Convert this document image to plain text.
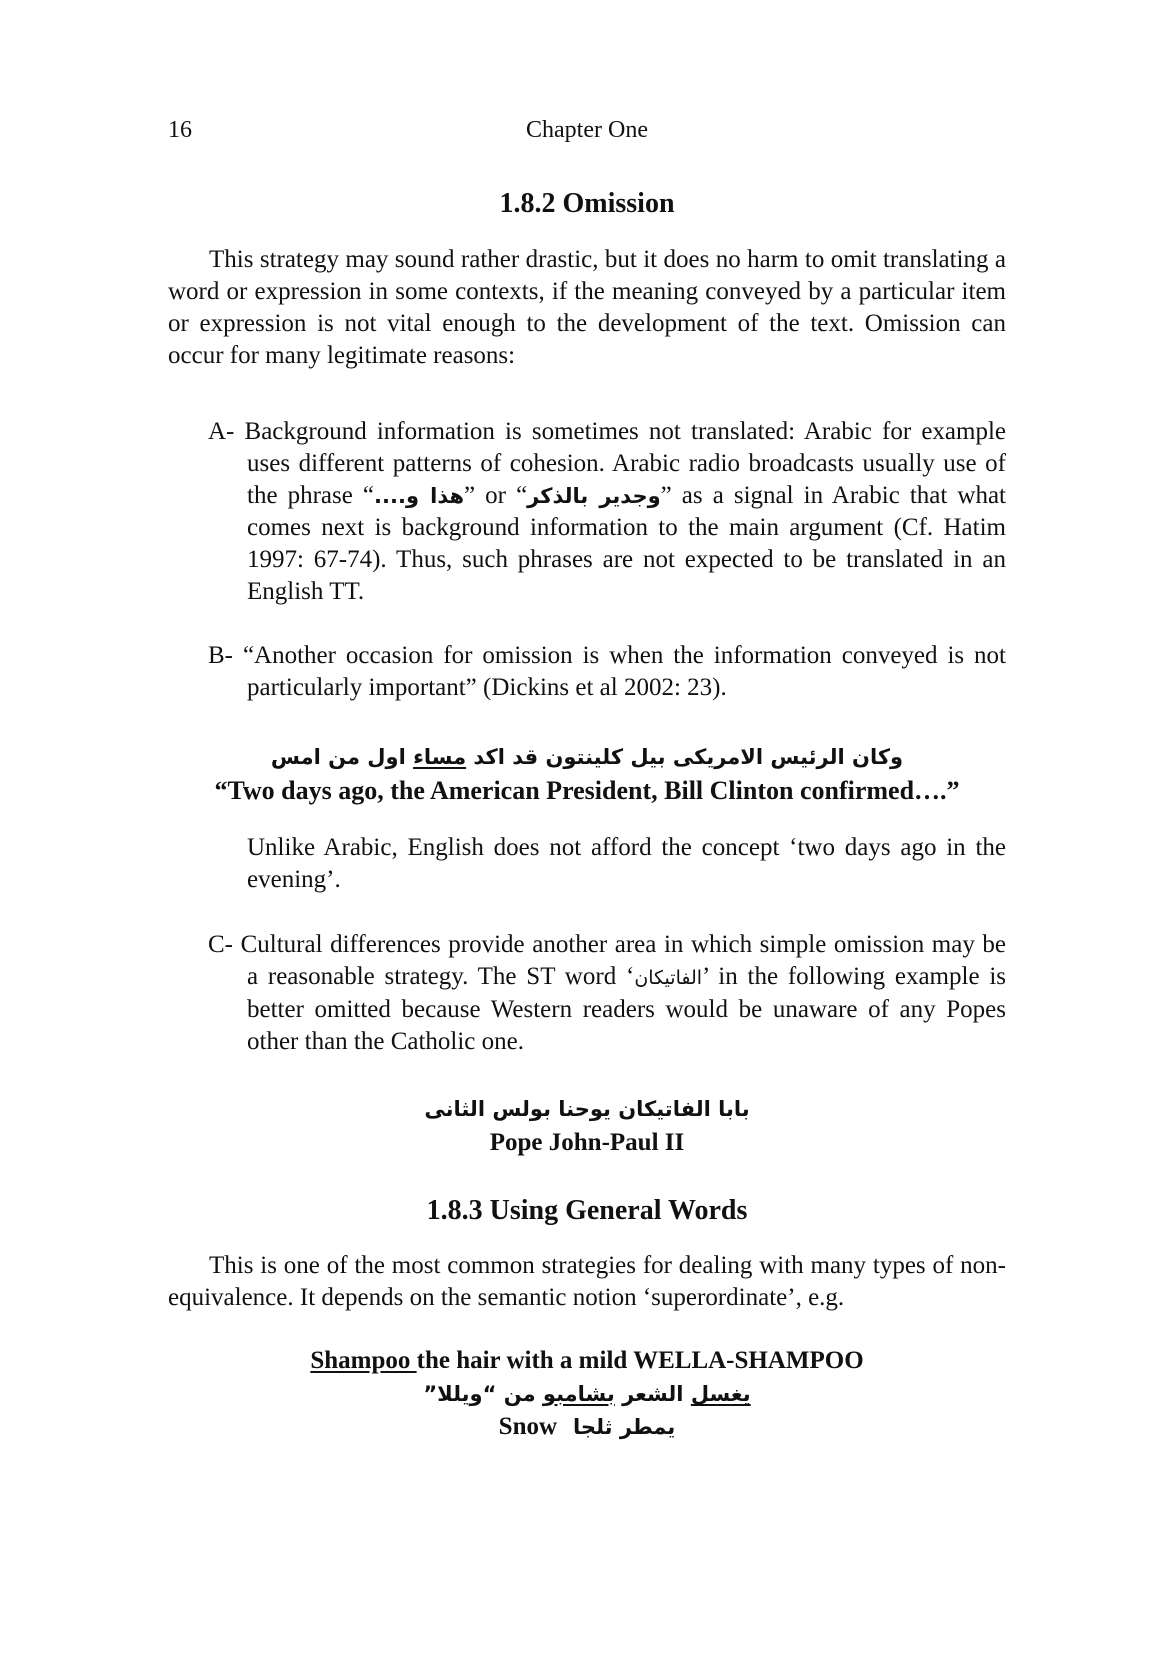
16	Chapter One
1.8.2 Omission

This strategy may sound rather drastic, but it does no harm to omit translating a word or expression in some contexts, if the meaning conveyed by a particular item or expression is not vital enough to the development of the text. Omission can occur for many legitimate reasons:

A- Background information is sometimes not translated: Arabic for example uses different patterns of cohesion. Arabic radio broadcasts usually use of the phrase “هذا و....” or “وجدير بالذكر” as a signal in Arabic that what comes next is background information to the main argument (Cf. Hatim 1997: 67-74). Thus, such phrases are not expected to be translated in an English TT.

B- “Another occasion for omission is when the information conveyed is not particularly important” (Dickins et al 2002: 23).

وكان الرئيس الامريكى بيل كلينتون قد اكد مساء اول من امس
“Two days ago, the American President, Bill Clinton confirmed….”

Unlike Arabic, English does not afford the concept ‘two days ago in the evening’.

C- Cultural differences provide another area in which simple omission may be a reasonable strategy. The ST word ‘الفاتيكان’ in the following example is better omitted because Western readers would be unaware of any Popes other than the Catholic one.

بابا الفاتيكان يوحنا بولس الثانى
Pope John-Paul II
1.8.3 Using General Words

This is one of the most common strategies for dealing with many types of non-equivalence. It depends on the semantic notion ‘superordinate’, e.g.

Shampoo the hair with a mild WELLA-SHAMPOO
يغسل الشعر بشامبو من “ويللا”
Snow يمطر ثلجا
